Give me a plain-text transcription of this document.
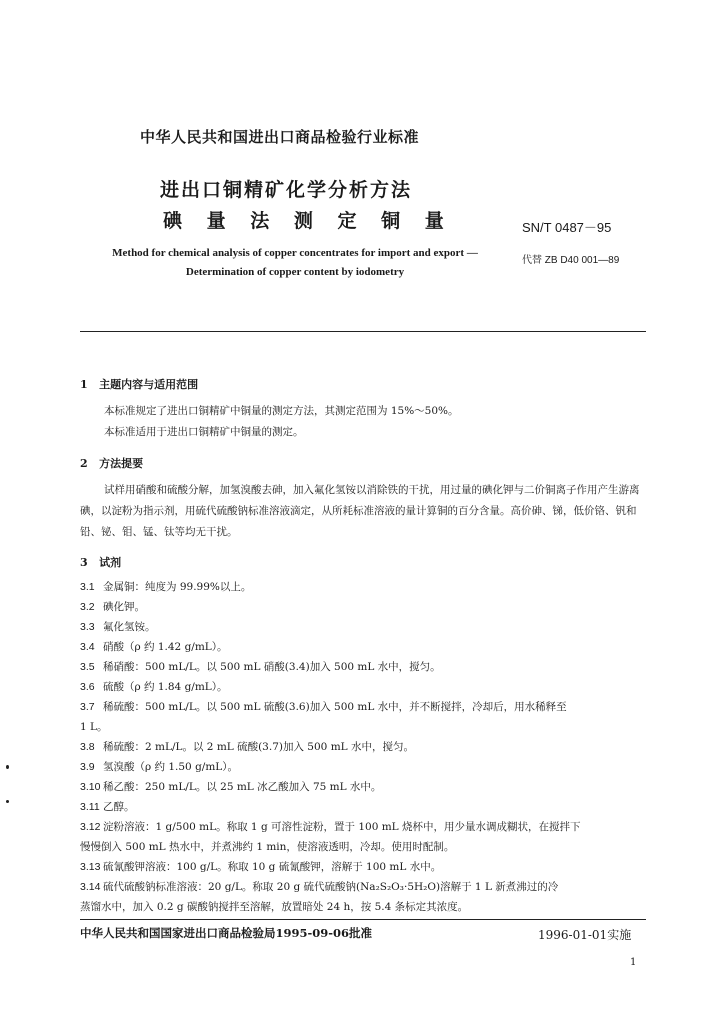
中华人民共和国进出口商品检验行业标准
进出口铜精矿化学分析方法
碘 量 法 测 定 铜 量	SN/T 0487－95
Method for chemical analysis of copper concentrates for import and export —Determination of copper content by iodometry
代替 ZB D40 001—89
1 主题内容与适用范围
本标准规定了进出口铜精矿中铜量的测定方法，其测定范围为 15%～50%。
本标准适用于进出口铜精矿中铜量的测定。
2 方法提要
试样用硝酸和硫酸分解，加氢溴酸去砷，加入氟化氢铵以消除铁的干扰，用过量的碘化钾与二价铜离子作用产生游离碘，以淀粉为指示剂，用硫代硫酸钠标准溶液滴定，从所耗标准溶液的量计算铜的百分含量。高价砷、锑，低价铬、钒和铅、铋、钼、锰、钛等均无干扰。
3 试剂
3.1 金属铜：纯度为 99.99%以上。
3.2 碘化钾。
3.3 氟化氢铵。
3.4 硝酸（ρ 约 1.42 g/mL）。
3.5 稀硝酸：500 mL/L。以 500 mL 硝酸(3.4)加入 500 mL 水中，搅匀。
3.6 硫酸（ρ 约 1.84 g/mL）。
3.7 稀硫酸：500 mL/L。以 500 mL 硫酸(3.6)加入 500 mL 水中，并不断搅拌，冷却后，用水稀释至
1 L。
3.8 稀硫酸：2 mL/L。以 2 mL 硫酸(3.7)加入 500 mL 水中，搅匀。
3.9 氢溴酸（ρ 约 1.50 g/mL）。
3.10 稀乙酸：250 mL/L。以 25 mL 冰乙酸加入 75 mL 水中。
3.11 乙醇。
3.12 淀粉溶液：1 g/500 mL。称取 1 g 可溶性淀粉，置于 100 mL 烧杯中，用少量水调成糊状，在搅拌下
慢慢倒入 500 mL 热水中，并煮沸约 1 min，使溶液透明，冷却。使用时配制。
3.13 硫氰酸钾溶液：100 g/L。称取 10 g 硫氰酸钾，溶解于 100 mL 水中。
3.14 硫代硫酸钠标准溶液：20 g/L。称取 20 g 硫代硫酸钠(Na₂S₂O₃·5H₂O)溶解于 1 L 新煮沸过的冷
蒸馏水中，加入 0.2 g 碳酸钠搅拌至溶解，放置暗处 24 h，按 5.4 条标定其浓度。
中华人民共和国国家进出口商品检验局1995-09-06批准	1996-01-01实施
1
